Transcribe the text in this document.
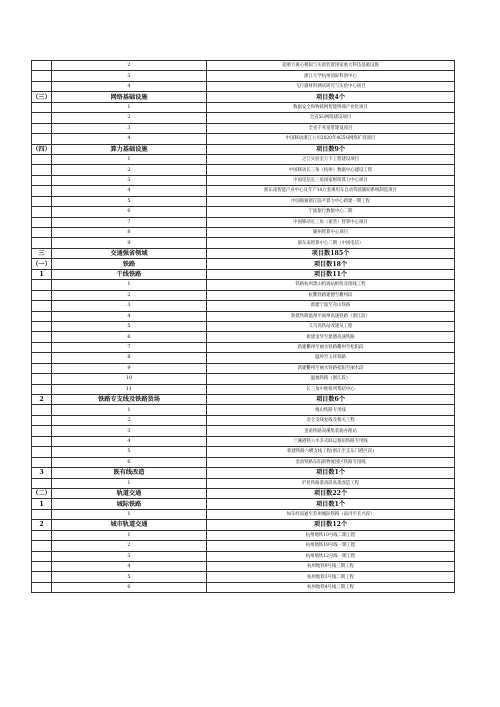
	2	超重力离心模拟与实验装置国家重大科技基础设施
	3	浙江大学杭州国际科创中心
	4	飞行器材料测试研究与实验中心项目
（三）	网络基础设施	项目数4个
	1	数据安全和物联网智能终端产业化项目
	2	全省5G网络建设项目
	3	全省千兆宽带建设项目
	4	中国移动浙江公司2020年4G5G网络扩容项目
（四）	算力基础设施	项目数9个
	1	之江实验室万卡工程建设项目
	2	中国移动长三角（杭州）数据中心建设工程
	3	中国电信长三角国家枢纽算力中心项目
	4	浙东南智能产业中心及年产10万套乘用车自动驾驶辅助系统制造项目
	5	中国联通浙江临平算力中心新建一期工程
	6	宁波银行数据中心二期
	7	中国移动长三角（嘉善）智算中心项目
	8	湖州智算中心项目
	9	浙东南智算中心二期（中国电信）
三	交通强省领域	项目数185个
（一）	铁路	项目数18个
1	干线铁路	项目数11个
	1	铁路杭州萧山机场站枢纽及接线工程
	2	杭衢铁路建德至衢州段
	3	新建宁波至舟山铁路
	4	新建铁路温州至福州高速铁路（浙江段）
	5	义乌高铁站改建及工程
	6	新建金华至建德高速铁路
	7	新建衢州至丽水铁路衢州至松阳段
	8	温岭至玉环铁路
	9	新建衢州至丽水铁路松阳至丽水段
	10	温福铁路（浙江段）
	11	长三角中欧班列集结中心
2	铁路专支线及铁路货场	项目数6个
	1	梅山铁路专用线
	2	北仑支线复线及相关工程
	3	金甬铁路双溪集装箱办理站
	4	兰溪港铁公水多式联运枢纽铁路专用线
	5	新建铁路六横支线工程(浙江至支东门港区段)
	6	金甬铁路东阳新物流园区铁路专用线
3	既有线改造	项目数1个
	1	沪昆铁路萧甬段高架改造工程
（二）	轨道交通	项目数22个
1	城际铁路	项目数1个
	1	如东经南通至苏州城际铁路（南浔至长兴段）
2	城市轨道交通	项目数12个
	1	杭州地铁10号线二期工程
	2	杭州地铁18号线一期工程
	3	杭州地铁12号线一期工程
	4	杭州地铁9号线三期工程
	5	杭州地铁3号线二期工程
	6	杭州地铁4号线三期工程
